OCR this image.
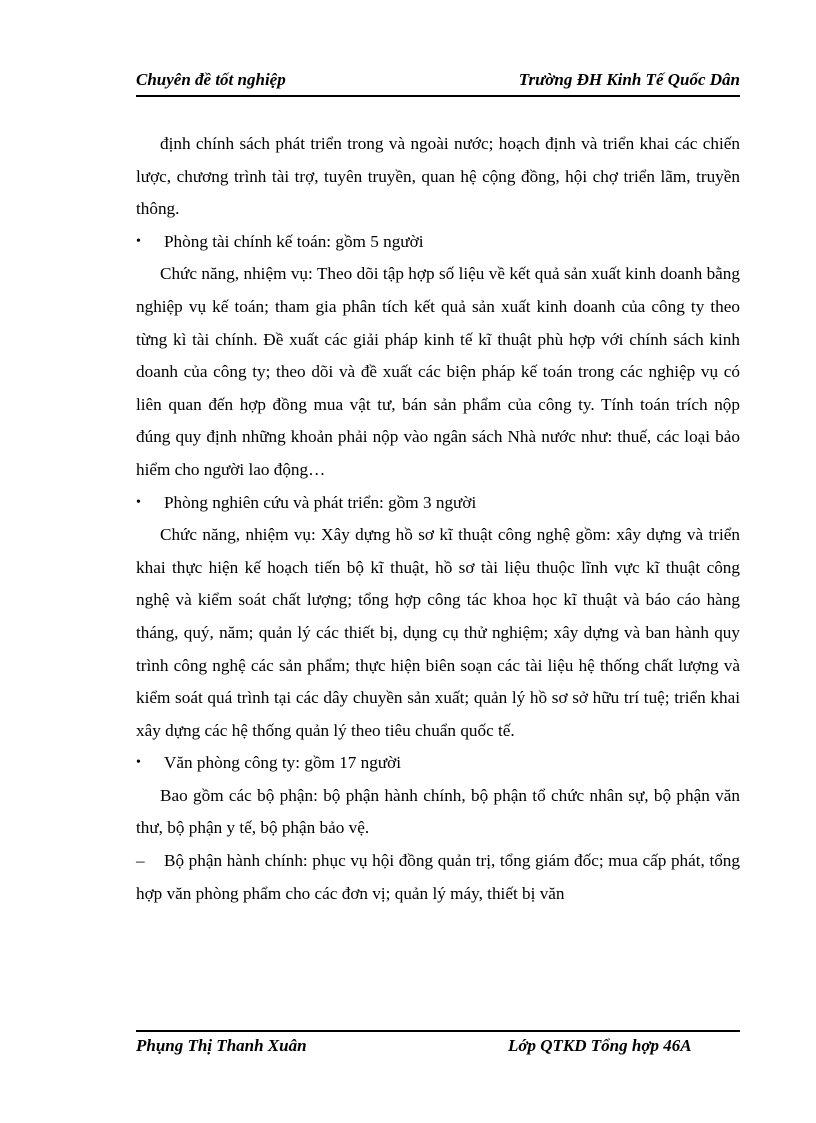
Chuyên đề tốt nghiệp	Trường ĐH Kinh Tế Quốc Dân

định chính sách phát triển trong và ngoài nước; hoạch định và triển khai các chiến lược, chương trình tài trợ, tuyên truyền, quan hệ cộng đồng, hội chợ triển lãm, truyền thông.

• Phòng tài chính kế toán: gồm 5 người

Chức năng, nhiệm vụ: Theo dõi tập hợp số liệu về kết quả sản xuất kinh doanh bằng nghiệp vụ kế toán; tham gia phân tích kết quả sản xuất kinh doanh của công ty theo từng kì tài chính. Đề xuất các giải pháp kinh tế kĩ thuật phù hợp với chính sách kinh doanh của công ty; theo dõi và đề xuất các biện pháp kế toán trong các nghiệp vụ có liên quan đến hợp đồng mua vật tư, bán sản phẩm của công ty. Tính toán trích nộp đúng quy định những khoản phải nộp vào ngân sách Nhà nước như: thuế, các loại bảo hiểm cho người lao động…

• Phòng nghiên cứu và phát triển: gồm 3 người

Chức năng, nhiệm vụ: Xây dựng hồ sơ kĩ thuật công nghệ gồm: xây dựng và triển khai thực hiện kế hoạch tiến bộ kĩ thuật, hồ sơ tài liệu thuộc lĩnh vực kĩ thuật công nghệ và kiểm soát chất lượng; tổng hợp công tác khoa học kĩ thuật và báo cáo hàng tháng, quý, năm; quản lý các thiết bị, dụng cụ thử nghiệm; xây dựng và ban hành quy trình công nghệ các sản phẩm; thực hiện biên soạn các tài liệu hệ thống chất lượng và kiểm soát quá trình tại các dây chuyền sản xuất; quản lý hồ sơ sở hữu trí tuệ; triển khai xây dựng các hệ thống quản lý theo tiêu chuẩn quốc tế.

• Văn phòng công ty: gồm 17 người

Bao gồm các bộ phận: bộ phận hành chính, bộ phận tổ chức nhân sự, bộ phận văn thư, bộ phận y tế, bộ phận bảo vệ.

– Bộ phận hành chính: phục vụ hội đồng quản trị, tổng giám đốc; mua cấp phát, tổng hợp văn phòng phẩm cho các đơn vị; quản lý máy, thiết bị văn

Phụng Thị Thanh Xuân	Lớp QTKD Tổng hợp 46A
